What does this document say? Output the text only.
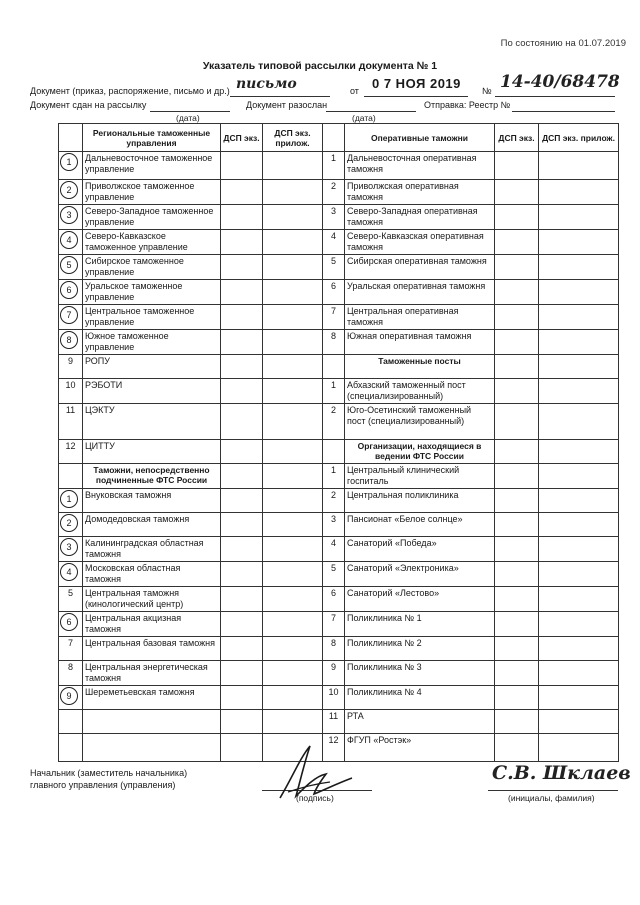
По состоянию на 01.07.2019
Указатель типовой рассылки документа № 1
Документ (приказ, распоряжение, письмо и др.) письмо	от 0 7 НОЯ 2019 № 14-40/68478
Документ сдан на рассылку	Документ разослан	Отправка: Реестр №
(дата)	(дата)
	Региональные таможенные управления	ДСП экз.	ДСП экз. прилож.		Оперативные таможни	ДСП экз.	ДСП экз. прилож.
1	Дальневосточное таможенное управление			1	Дальневосточная оперативная таможня		
2	Приволжское таможенное управление			2	Приволжская оперативная таможня		
3	Северо-Западное таможенное управление			3	Северо-Западная оперативная таможня		
4	Северо-Кавказское таможенное управление			4	Северо-Кавказская оперативная таможня		
5	Сибирское таможенное управление			5	Сибирская оперативная таможня		
6	Уральское таможенное управление			6	Уральская оперативная таможня		
7	Центральное таможенное управление			7	Центральная оперативная таможня		
8	Южное таможенное управление			8	Южная оперативная таможня		
9	РОПУ				Таможенные посты		
10	РЭБОТИ			1	Абхазский таможенный пост (специализированный)		
11	ЦЭКТУ			2	Юго-Осетинский таможенный пост (специализированный)		
12	ЦИТТУ				Организации, находящиеся в ведении ФТС России		
	Таможни, непосредственно подчиненные ФТС России			1	Центральный клинический госпиталь		
1	Внуковская таможня			2	Центральная поликлиника		
2	Домодедовская таможня			3	Пансионат «Белое солнце»		
3	Калининградская областная таможня			4	Санаторий «Победа»		
4	Московская областная таможня			5	Санаторий «Электроника»		
5	Центральная таможня (кинологический центр)			6	Санаторий «Лестово»		
6	Центральная акцизная таможня			7	Поликлиника № 1		
7	Центральная базовая таможня			8	Поликлиника № 2		
8	Центральная энергетическая таможня			9	Поликлиника № 3		
9	Шереметьевская таможня			10	Поликлиника № 4		
				11	РТА		
				12	ФГУП «Ростэк»		
Начальник (заместитель начальника)
главного управления (управления)
(подпись)
С.В. Шклаев
(инициалы, фамилия)
